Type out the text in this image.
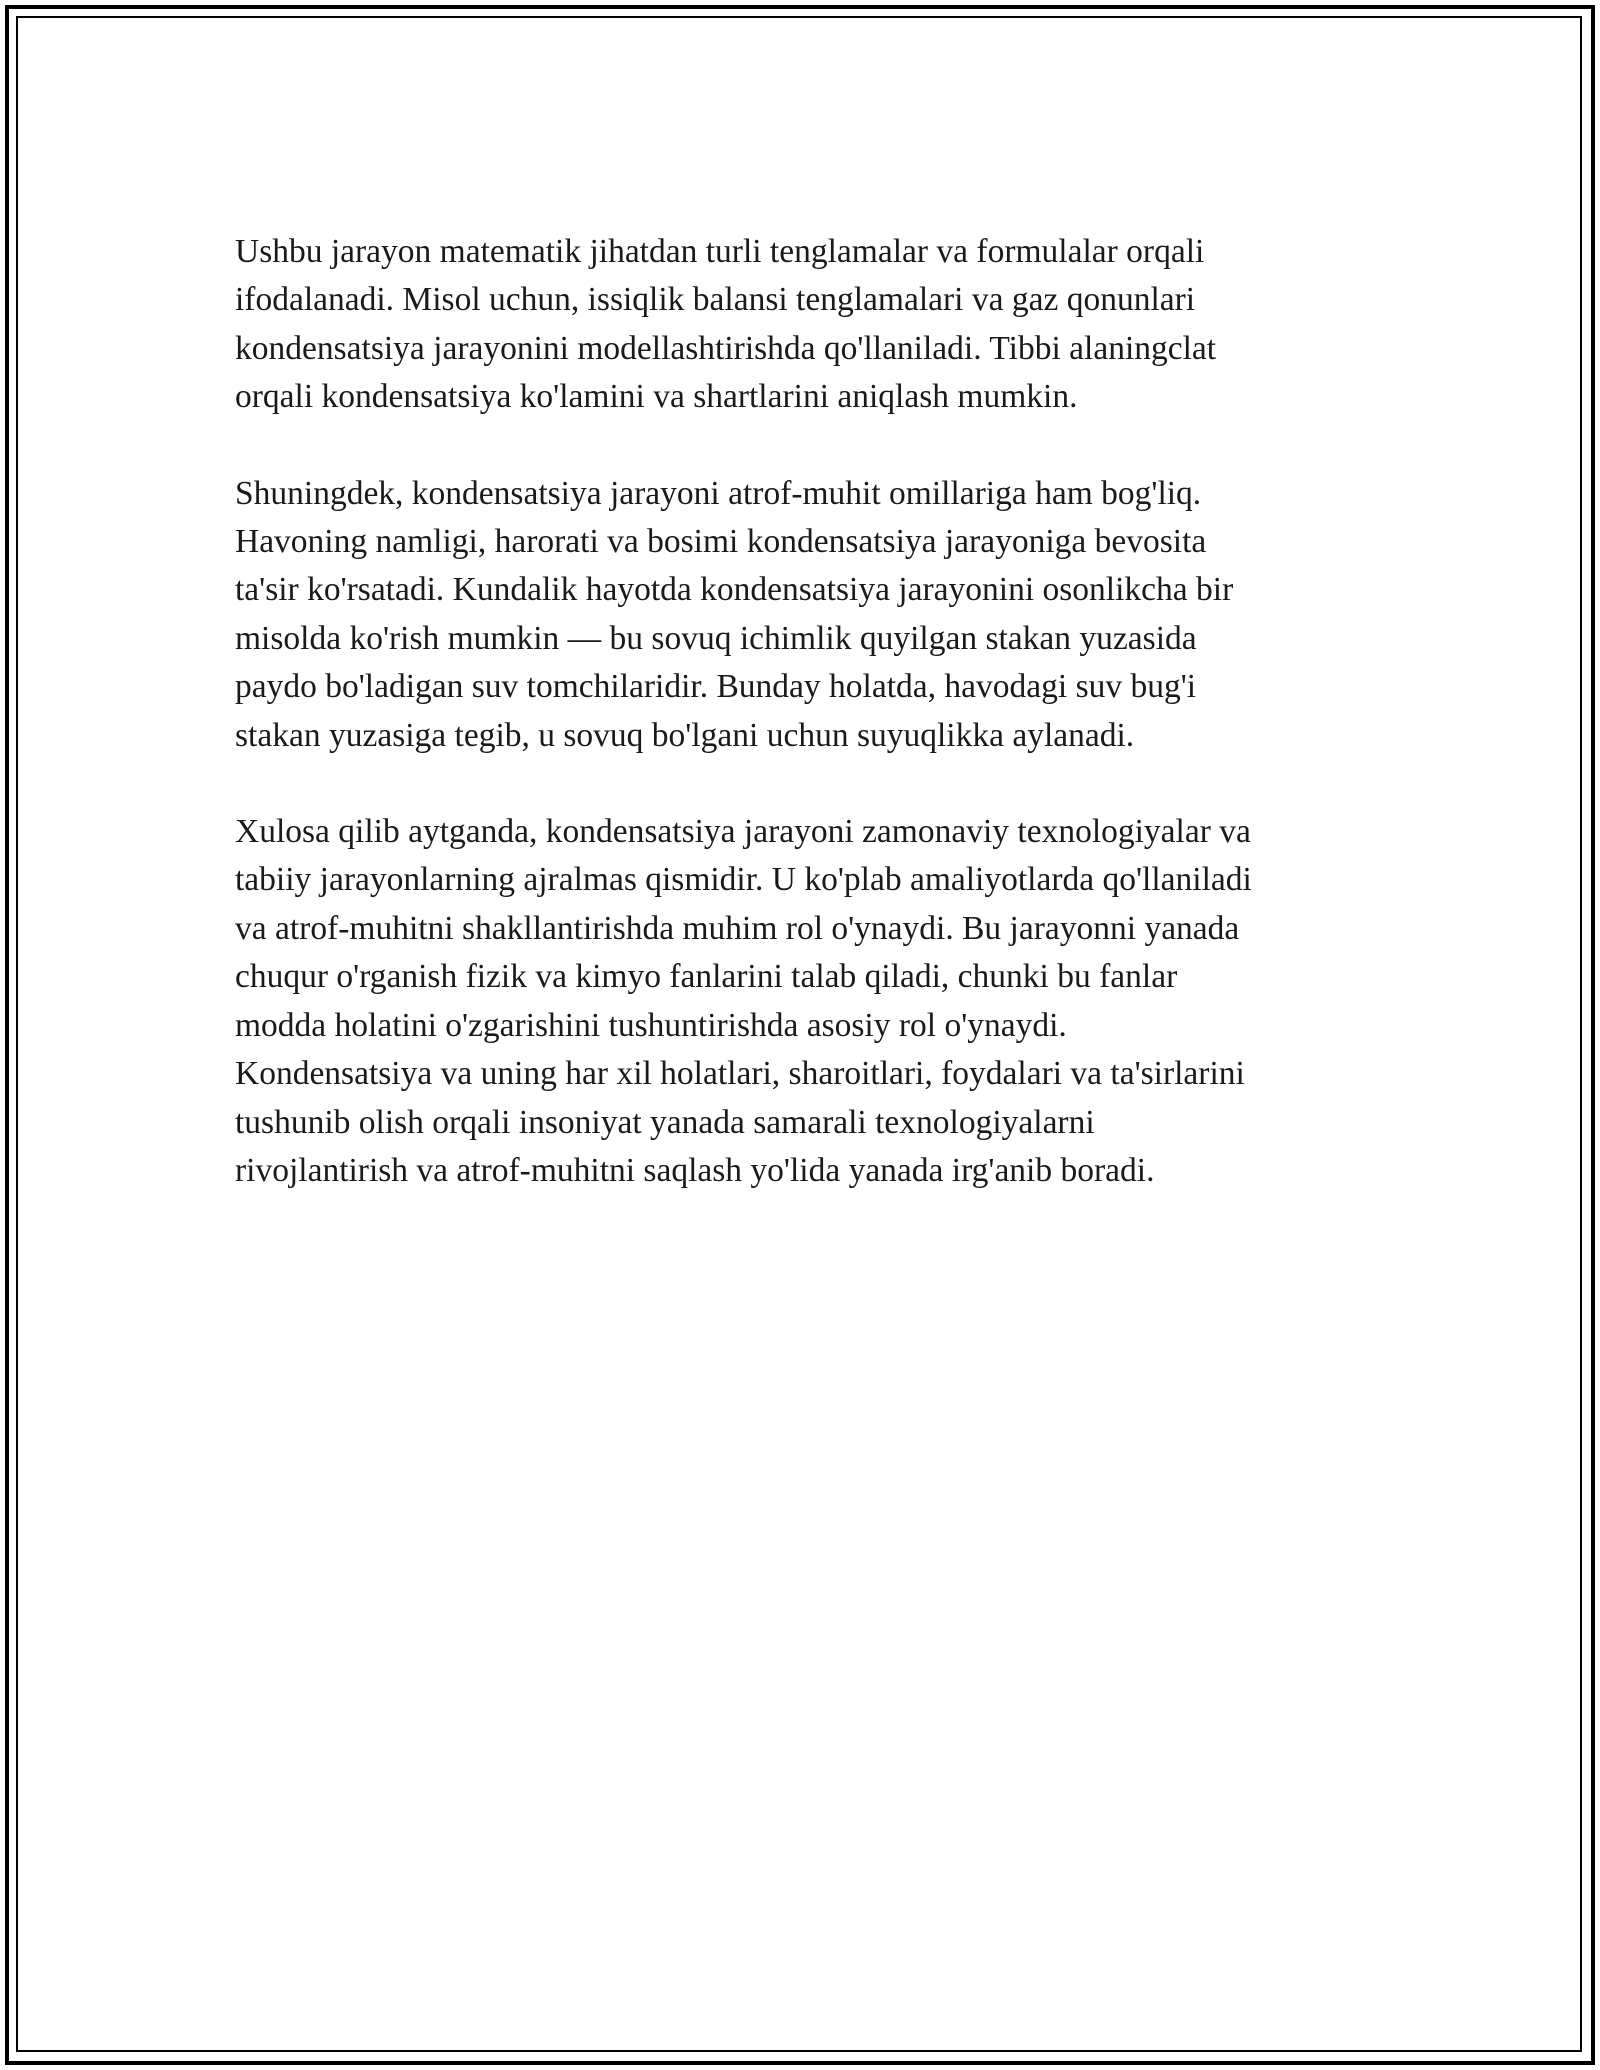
Ushbu jarayon matematik jihatdan turli tenglamalar va formulalar orqali
ifodalanadi. Misol uchun, issiqlik balansi tenglamalari va gaz qonunlari
kondensatsiya jarayonini modellashtirishda qo'llaniladi. Tibbi alaningclat
orqali kondensatsiya ko'lamini va shartlarini aniqlash mumkin.

Shuningdek, kondensatsiya jarayoni atrof-muhit omillariga ham bog'liq.
Havoning namligi, harorati va bosimi kondensatsiya jarayoniga bevosita
ta'sir ko'rsatadi. Kundalik hayotda kondensatsiya jarayonini osonlikcha bir
misolda ko'rish mumkin — bu sovuq ichimlik quyilgan stakan yuzasida
paydo bo'ladigan suv tomchilaridir. Bunday holatda, havodagi suv bug'i
stakan yuzasiga tegib, u sovuq bo'lgani uchun suyuqlikka aylanadi.

Xulosa qilib aytganda, kondensatsiya jarayoni zamonaviy texnologiyalar va
tabiiy jarayonlarning ajralmas qismidir. U ko'plab amaliyotlarda qo'llaniladi
va atrof-muhitni shakllantirishda muhim rol o'ynaydi. Bu jarayonni yanada
chuqur o'rganish fizik va kimyo fanlarini talab qiladi, chunki bu fanlar
modda holatini o'zgarishini tushuntirishda asosiy rol o'ynaydi.
Kondensatsiya va uning har xil holatlari, sharoitlari, foydalari va ta'sirlarini
tushunib olish orqali insoniyat yanada samarali texnologiyalarni
rivojlantirish va atrof-muhitni saqlash yo'lida yanada irg'anib boradi.
